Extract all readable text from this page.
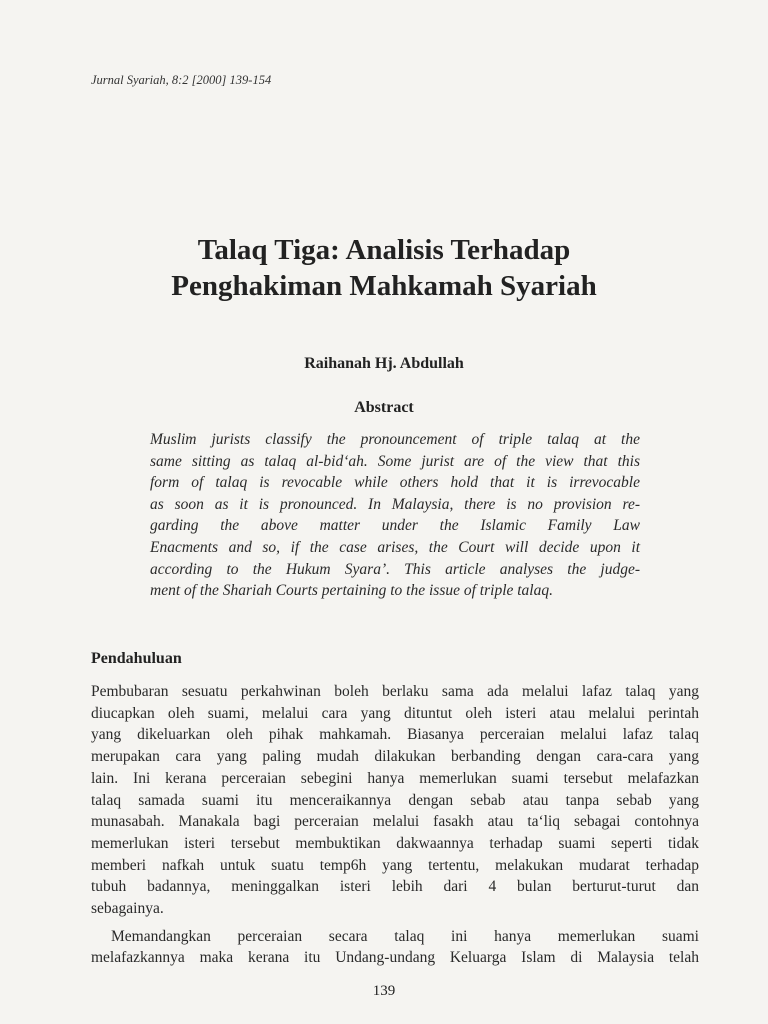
Jurnal Syariah, 8:2 [2000] 139-154
Talaq Tiga: Analisis Terhadap
Penghakiman Mahkamah Syariah
Raihanah Hj. Abdullah
Abstract
Muslim jurists classify the pronouncement of triple talaq at the
same sitting as talaq al-bid‘ah. Some jurist are of the view that this
form of talaq is revocable while others hold that it is irrevocable
as soon as it is pronounced. In Malaysia, there is no provision re-
garding the above matter under the Islamic Family Law
Enacments and so, if the case arises, the Court will decide upon it
according to the Hukum Syara’. This article analyses the judge-
ment of the Shariah Courts pertaining to the issue of triple talaq.
Pendahuluan
Pembubaran sesuatu perkahwinan boleh berlaku sama ada melalui lafaz talaq yang
diucapkan oleh suami, melalui cara yang dituntut oleh isteri atau melalui perintah
yang dikeluarkan oleh pihak mahkamah. Biasanya perceraian melalui lafaz talaq
merupakan cara yang paling mudah dilakukan berbanding dengan cara-cara yang
lain. Ini kerana perceraian sebegini hanya memerlukan suami tersebut melafazkan
talaq samada suami itu menceraikannya dengan sebab atau tanpa sebab yang
munasabah. Manakala bagi perceraian melalui fasakh atau ta‘liq sebagai contohnya
memerlukan isteri tersebut membuktikan dakwaannya terhadap suami seperti tidak
memberi nafkah untuk suatu temp6h yang tertentu, melakukan mudarat terhadap
tubuh badannya, meninggalkan isteri lebih dari 4 bulan berturut-turut dan
sebagainya.
Memandangkan perceraian secara talaq ini hanya memerlukan suami
melafazkannya maka kerana itu Undang-undang Keluarga Islam di Malaysia telah
139
